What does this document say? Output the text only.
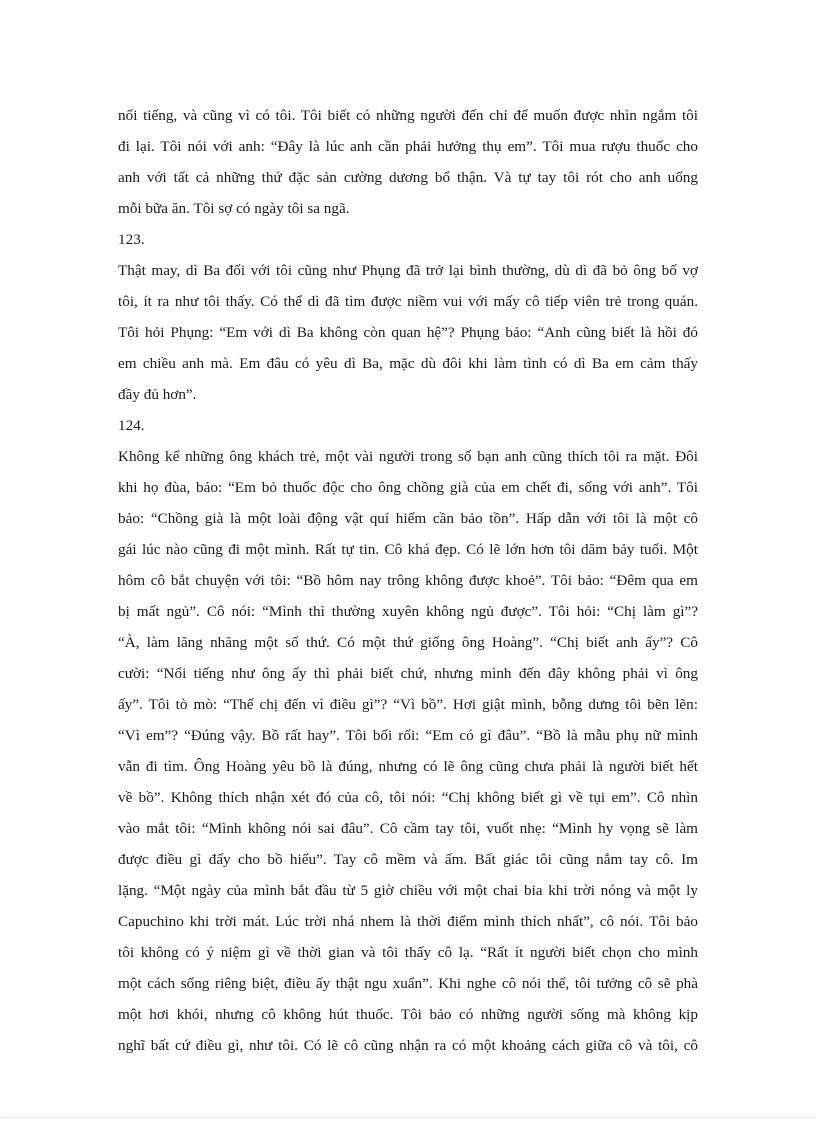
nổi tiếng, và cũng vì có tôi. Tôi biết có những người đến chỉ để muốn được nhìn ngắm tôi
đi lại. Tôi nói với anh: “Đây là lúc anh cần phải hưởng thụ em”. Tôi mua rượu thuốc cho
anh với tất cả những thứ đặc sản cường dương bổ thận. Và tự tay tôi rót cho anh uống
mỗi bữa ăn. Tôi sợ có ngày tôi sa ngã.
123.
Thật may, dì Ba đối với tôi cũng như Phụng đã trở lại bình thường, dù dì đã bỏ ông bố vợ
tôi, ít ra như tôi thấy. Có thể dì đã tìm được niềm vui với mấy cô tiếp viên trẻ trong quán.
Tôi hỏi Phụng: “Em với dì Ba không còn quan hệ”? Phụng bảo: “Anh cũng biết là hồi đó
em chiều anh mà. Em đâu có yêu dì Ba, mặc dù đôi khi làm tình có dì Ba em cảm thấy
đầy đủ hơn”.
124.
Không kể những ông khách trẻ, một vài người trong số bạn anh cũng thích tôi ra mặt. Đôi
khi họ đùa, bảo: “Em bỏ thuốc độc cho ông chồng già của em chết đi, sống với anh”. Tôi
bảo: “Chồng già là một loài động vật quí hiếm cần bảo tồn”. Hấp dẫn với tôi là một cô
gái lúc nào cũng đi một mình. Rất tự tin. Cô khá đẹp. Có lẽ lớn hơn tôi dăm bảy tuổi. Một
hôm cô bắt chuyện với tôi: “Bồ hôm nay trông không được khoẻ”. Tôi bảo: “Đêm qua em
bị mất ngủ”. Cô nói: “Mình thì thường xuyên không ngủ được”. Tôi hỏi: “Chị làm gì”?
“À, làm lăng nhăng một số thứ. Có một thứ giống ông Hoàng”. “Chị biết anh ấy”? Cô
cười: “Nổi tiếng như ông ấy thì phải biết chứ, nhưng mình đến đây không phải vì ông
ấy”. Tôi tò mò: “Thế chị đến vì điều gì”? “Vì bồ”. Hơi giật mình, bỗng dưng tôi bẽn lẽn:
“Vì em”? “Đúng vậy. Bồ rất hay”. Tôi bối rối: “Em có gì đâu”. “Bồ là mẫu phụ nữ mình
vẫn đi tìm. Ông Hoàng yêu bồ là đúng, nhưng có lẽ ông cũng chưa phải là người biết hết
về bồ”. Không thích nhận xét đó của cô, tôi nói: “Chị không biết gì về tụi em”. Cô nhìn
vào mắt tôi: “Mình không nói sai đâu”. Cô cầm tay tôi, vuốt nhẹ: “Mình hy vọng sẽ làm
được điều gì đấy cho bồ hiểu”. Tay cô mềm và ấm. Bất giác tôi cũng nắm tay cô. Im
lặng. “Một ngày của mình bắt đầu từ 5 giờ chiều với một chai bia khi trời nóng và một ly
Capuchino khi trời mát. Lúc trời nhá nhem là thời điểm mình thích nhất”, cô nói. Tôi bảo
tôi không có ý niệm gì về thời gian và tôi thấy cô lạ. “Rất ít người biết chọn cho mình
một cách sống riêng biệt, điều ấy thật ngu xuẩn”. Khi nghe cô nói thế, tôi tưởng cô sẽ phà
một hơi khói, nhưng cô không hút thuốc. Tôi bảo có những người sống mà không kịp
nghĩ bất cứ điều gì, như tôi. Có lẽ cô cũng nhận ra có một khoảng cách giữa cô và tôi, cô
